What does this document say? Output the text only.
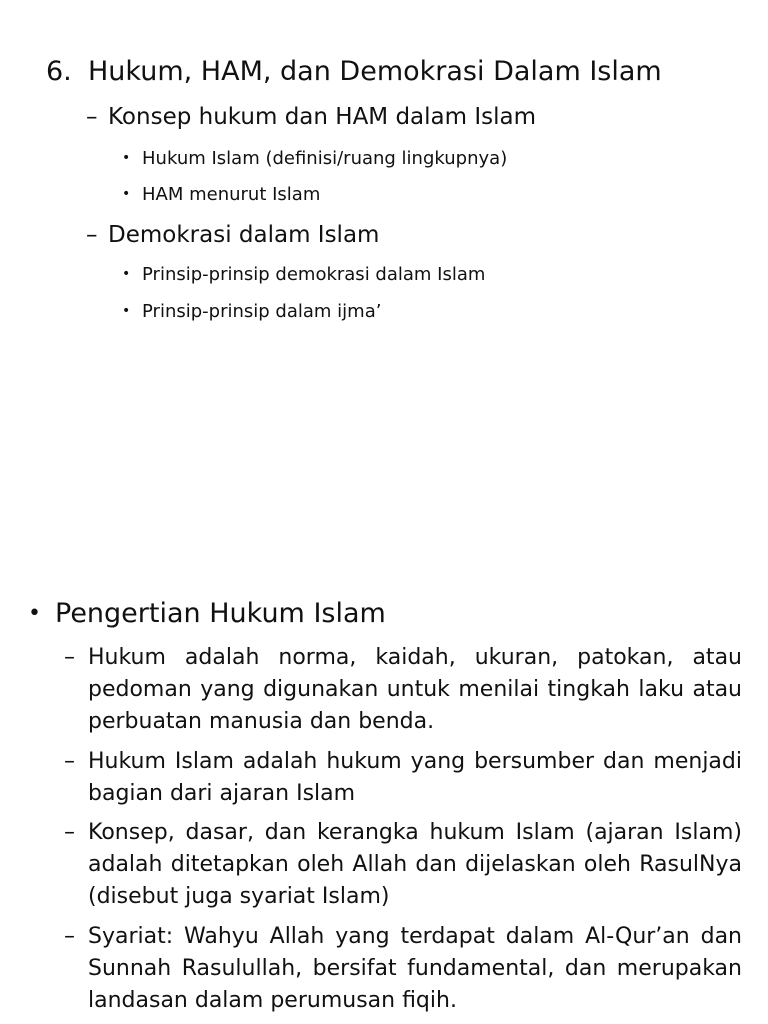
6. Hukum, HAM, dan Demokrasi Dalam Islam
– Konsep hukum dan HAM dalam Islam
• Hukum Islam (definisi/ruang lingkupnya)
• HAM menurut Islam
– Demokrasi dalam Islam
• Prinsip-prinsip demokrasi dalam Islam
• Prinsip-prinsip dalam ijma’
• Pengertian Hukum Islam
– Hukum adalah norma, kaidah, ukuran, patokan, atau pedoman yang digunakan untuk menilai tingkah laku atau perbuatan manusia dan benda.
– Hukum Islam adalah hukum yang bersumber dan menjadi bagian dari ajaran Islam
– Konsep, dasar, dan kerangka hukum Islam (ajaran Islam) adalah ditetapkan oleh Allah dan dijelaskan oleh RasulNya (disebut juga syariat Islam)
– Syariat: Wahyu Allah yang terdapat dalam Al-Qur’an dan Sunnah Rasulullah, bersifat fundamental, dan merupakan landasan dalam perumusan fiqih.
